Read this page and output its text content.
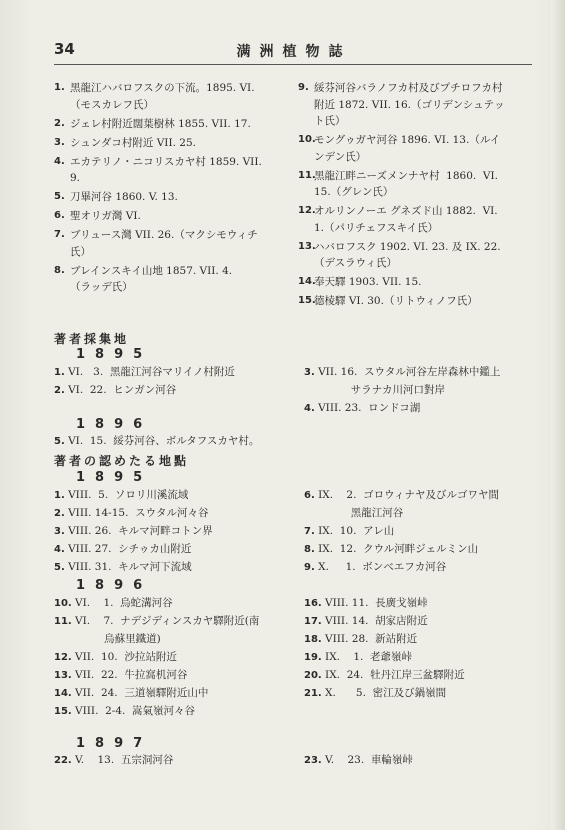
34	满洲植物誌
1. 黑龍江ハバロフスクの下流。1895. VI.
（モスカレフ氏）
2. ジェレ村附近闊葉樹林 1855. VII. 17.
3. シュンダコ村附近 VII. 25.
4. エカテリノ・ニコリスカヤ村 1859. VII.
9.
5. 刀畢河谷 1860. V. 13.
6. 聖オリガ灣 VI.
7. ブリュース灣 VII. 26.（マクシモウィチ
氏）
8. ブレインスキイ山地 1857. VII. 4.
（ラッデ氏）
9. 綏芬河谷バラノフカ村及びプチロフカ村
附近 1872. VII. 16.（ゴリデンシュテッ
ト氏）
10.
モングゥガヤ河谷 1896. VI. 13.（ルイ
ンデン氏）
11.
黑龍江畔ニーズメンナヤ村  1860.  VI.
15.（グレン氏）
12.
オルリンノーエ グネズド山 1882.  VI.
1.（パリチェフスキイ氏）
13.
ハバロフスク 1902. VI. 23. 及 IX. 22.
（デスラウィ氏）
14.
奉天驛 1903. VII. 15.
15.
德棱驛 VI. 30.（リトウィノフ氏）
著者採集地
1895
1. VI.   3.  黑龍江河谷マリイノ村附近
2. VI.  22.  ヒンガン河谷
3. VII. 16.  スウタル河谷左岸森林中鑑上
サラナカ川河口對岸
4. VIII. 23.  ロンドコ湖
1896
5. VI.  15.  綏芬河谷、ボルタフスカヤ村。
著者の認めたる地點
1895
1. VIII.  5.  ソロリ川溪流域
2. VIII. 14-15.  スウタル河々谷
3. VIII. 26.  キルマ河畔コトン界
4. VIII. 27.  シチゥカ山附近
5. VIII. 31.  キルマ河下流域
6. IX.    2.  ゴロウィナヤ及びルゴワヤ間
黑龍江河谷
7. IX.  10.  アレ山
8. IX.  12.  クウル河畔ジェルミン山
9. X.     1.  ボンベエフカ河谷
1896
10. VI.    1.  烏蛇溝河谷
11. VI.    7.  ナデジディンスカヤ驛附近(南
烏蘇里鐵道)
12. VII.  10.  沙拉站附近
13. VII.  22.  牛拉窩机河谷
14. VII.  24.  三道嶺驛附近山中
15. VIII.  2-4.  嵩氣嶺河々谷
16. VIII. 11.  長廣戈嶺峠
17. VIII. 14.  胡家店附近
18. VIII. 28.  新站附近
19. IX.    1.  老爺嶺峠
20. IX.  24.  牡丹江岸三盆驛附近
21. X.      5.  密江及び鍋嶺間
1897
22. V.    13.  五宗洞河谷	23. V.    23.  車輪嶺峠
